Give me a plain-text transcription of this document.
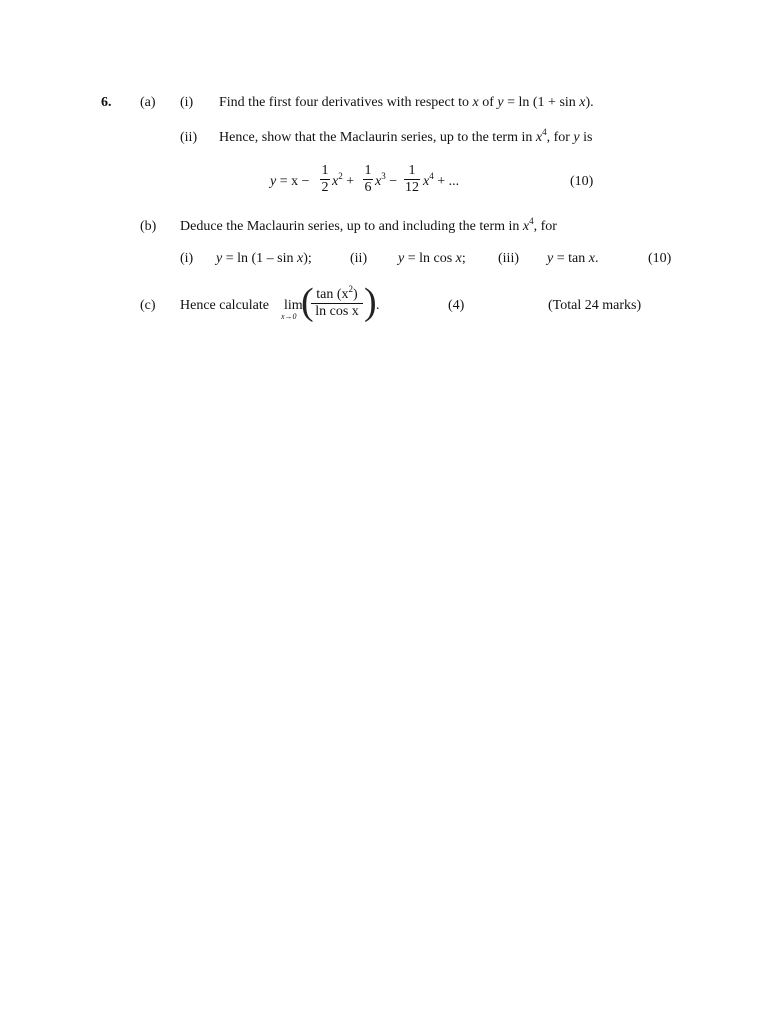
6. (a) (i) Find the first four derivatives with respect to x of y = ln (1 + sin x).
(ii) Hence, show that the Maclaurin series, up to the term in $x^4$, for y is
y = x −
1
2 $x^2$ +
1
6 $x^3$ −
1
12 $x^4$ + ...	(10)
(b) Deduce the Maclaurin series, up to and including the term in $x^4$, for
(i) y = ln (1 – sin x);	(ii) y = ln cos x; (iii) y = tan x.	(10)
(c) Hence calculate lim
x→0 ( $\tan (x^2)$
ln cos x ) .	(4)	(Total 24 marks)
